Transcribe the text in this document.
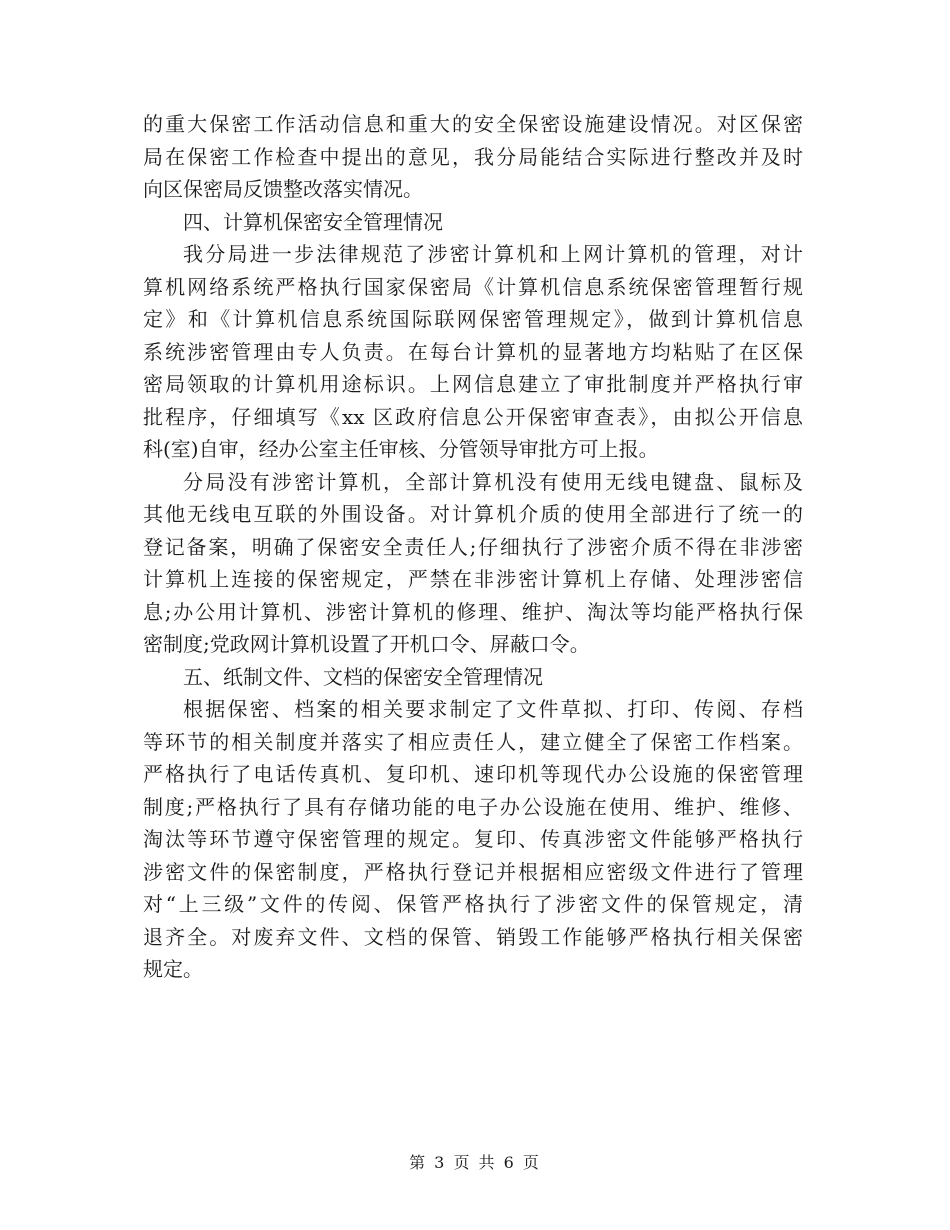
的重大保密工作活动信息和重大的安全保密设施建设情况。对区保密
局在保密工作检查中提出的意见，我分局能结合实际进行整改并及时
向区保密局反馈整改落实情况。
四、计算机保密安全管理情况
我分局进一步法律规范了涉密计算机和上网计算机的管理，对计
算机网络系统严格执行国家保密局《计算机信息系统保密管理暂行规
定》和《计算机信息系统国际联网保密管理规定》，做到计算机信息
系统涉密管理由专人负责。在每台计算机的显著地方均粘贴了在区保
密局领取的计算机用途标识。上网信息建立了审批制度并严格执行审
批程序，仔细填写《xx 区政府信息公开保密审查表》，由拟公开信息
科(室)自审，经办公室主任审核、分管领导审批方可上报。
分局没有涉密计算机，全部计算机没有使用无线电键盘、鼠标及
其他无线电互联的外围设备。对计算机介质的使用全部进行了统一的
登记备案，明确了保密安全责任人;仔细执行了涉密介质不得在非涉密
计算机上连接的保密规定，严禁在非涉密计算机上存储、处理涉密信
息;办公用计算机、涉密计算机的修理、维护、淘汰等均能严格执行保
密制度;党政网计算机设置了开机口令、屏蔽口令。
五、纸制文件、文档的保密安全管理情况
根据保密、档案的相关要求制定了文件草拟、打印、传阅、存档
等环节的相关制度并落实了相应责任人，建立健全了保密工作档案。
严格执行了电话传真机、复印机、速印机等现代办公设施的保密管理
制度;严格执行了具有存储功能的电子办公设施在使用、维护、维修、
淘汰等环节遵守保密管理的规定。复印、传真涉密文件能够严格执行
涉密文件的保密制度，严格执行登记并根据相应密级文件进行了管理
对“上三级”文件的传阅、保管严格执行了涉密文件的保管规定，清
退齐全。对废弃文件、文档的保管、销毁工作能够严格执行相关保密
规定。
第 3 页 共 6 页
